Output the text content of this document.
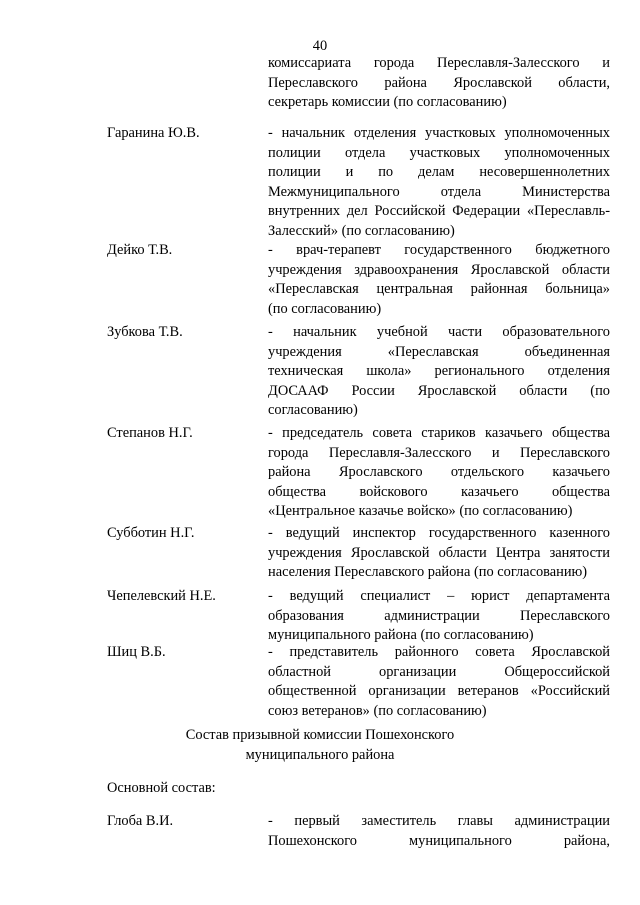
40
комиссариата города Переславля-Залесского и
Переславского района Ярославской области,
секретарь комиссии (по согласованию)
Гаранина Ю.В.	- начальник отделения участковых уполномоченных
полиции отдела участковых уполномоченных
полиции и по делам несовершеннолетних
Межмуниципального отдела Министерства
внутренних дел Российской Федерации «Переславль-
Залесский» (по согласованию)
Дейко Т.В.	- врач-терапевт государственного бюджетного
учреждения здравоохранения Ярославской области
«Переславская центральная районная больница»
(по согласованию)
Зубкова Т.В.	- начальник учебной части образовательного
учреждения «Переславская объединенная
техническая школа» регионального отделения
ДОСААФ России Ярославской области (по
согласованию)
Степанов Н.Г.	- председатель совета стариков казачьего общества
города Переславля-Залесского и Переславского
района Ярославского отдельского казачьего
общества войскового казачьего общества
«Центральное казачье войско» (по согласованию)
Субботин Н.Г.	- ведущий инспектор государственного казенного
учреждения Ярославской области Центра занятости
населения Переславского района (по согласованию)
Чепелевский Н.Е.	- ведущий специалист – юрист департамента
образования администрации Переславского
муниципального района (по согласованию)
Шиц В.Б.	- представитель районного совета Ярославской
областной организации Общероссийской
общественной организации ветеранов «Российский
союз ветеранов» (по согласованию)
Состав призывной комиссии Пошехонского
муниципального района
Основной состав:
Глоба В.И.	- первый заместитель главы администрации
Пошехонского муниципального района,
